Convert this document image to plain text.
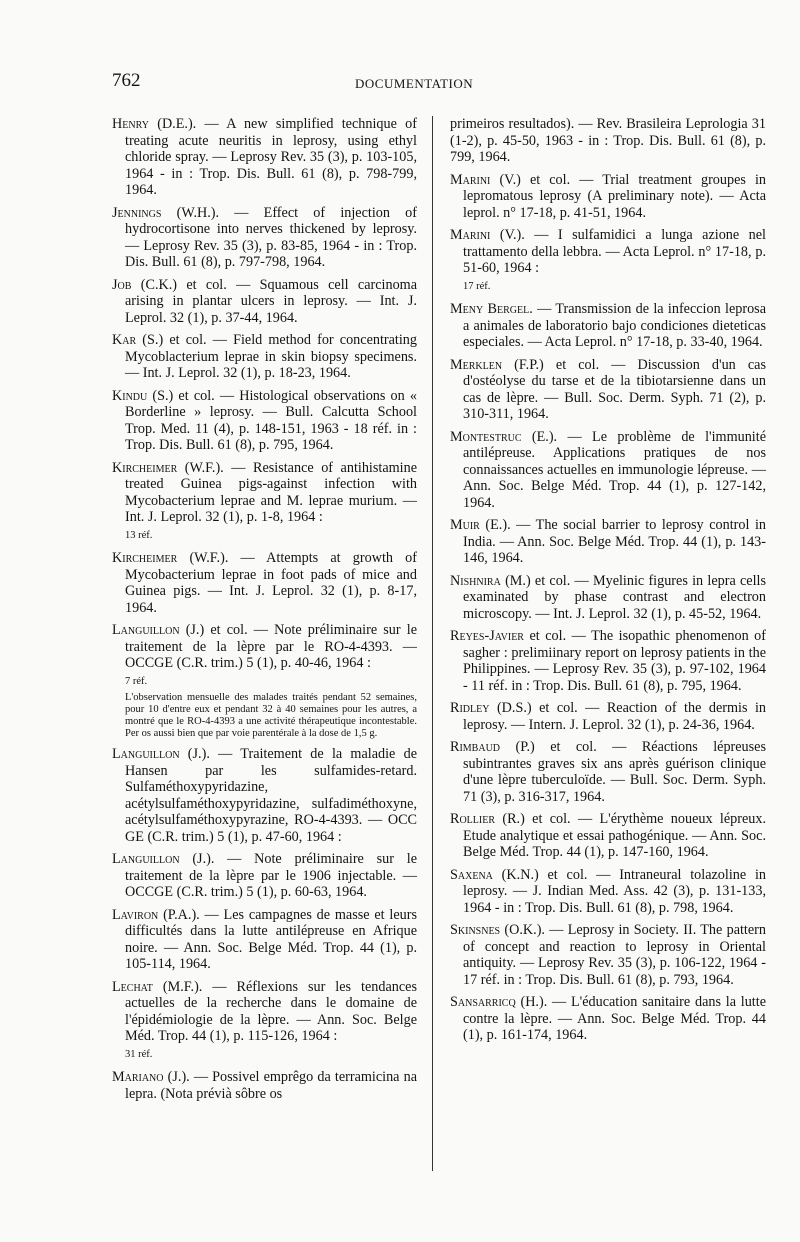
762	DOCUMENTATION
Henry (D.E.). — A new simplified technique of treating acute neuritis in leprosy, using ethyl chloride spray. — Leprosy Rev. 35 (3), p. 103-105, 1964 - in : Trop. Dis. Bull. 61 (8), p. 798-799, 1964.
Jennings (W.H.). — Effect of injection of hydrocortisone into nerves thickened by leprosy. — Leprosy Rev. 35 (3), p. 83-85, 1964 - in : Trop. Dis. Bull. 61 (8), p. 797-798, 1964.
Job (C.K.) et col. — Squamous cell carcinoma arising in plantar ulcers in leprosy. — Int. J. Leprol. 32 (1), p. 37-44, 1964.
Kar (S.) et col. — Field method for concentrating Mycoblacterium leprae in skin biopsy specimens. — Int. J. Leprol. 32 (1), p. 18-23, 1964.
Kindu (S.) et col. — Histological observations on « Borderline » leprosy. — Bull. Calcutta School Trop. Med. 11 (4), p. 148-151, 1963 - 18 réf. in : Trop. Dis. Bull. 61 (8), p. 795, 1964.
Kircheimer (W.F.). — Resistance of antihistamine treated Guinea pigs-against infection with Mycobacterium leprae and M. leprae murium. — Int. J. Leprol. 32 (1), p. 1-8, 1964 :
13 réf.
Kircheimer (W.F.). — Attempts at growth of Mycobacterium leprae in foot pads of mice and Guinea pigs. — Int. J. Leprol. 32 (1), p. 8-17, 1964.
Languillon (J.) et col. — Note préliminaire sur le traitement de la lèpre par le RO-4-4393. — OCCGE (C.R. trim.) 5 (1), p. 40-46, 1964 :
7 réf.
L'observation mensuelle des malades traités pendant 52 semaines, pour 10 d'entre eux et pendant 32 à 40 semaines pour les autres, a montré que le RO-4-4393 a une activité thérapeutique incontestable. Per os aussi bien que par voie parentérale à la dose de 1,5 g.
Languillon (J.). — Traitement de la maladie de Hansen par les sulfamides-retard. Sulfaméthoxypyridazine, acétylsulfaméthoxypyridazine, sulfadiméthoxyne, acétylsulfaméthoxypyrazine, RO-4-4393. — OCC GE (C.R. trim.) 5 (1), p. 47-60, 1964 :
Languillon (J.). — Note préliminaire sur le traitement de la lèpre par le 1906 injectable. — OCCGE (C.R. trim.) 5 (1), p. 60-63, 1964.
Laviron (P.A.). — Les campagnes de masse et leurs difficultés dans la lutte antilépreuse en Afrique noire. — Ann. Soc. Belge Méd. Trop. 44 (1), p. 105-114, 1964.
Lechat (M.F.). — Réflexions sur les tendances actuelles de la recherche dans le domaine de l'épidémiologie de la lèpre. — Ann. Soc. Belge Méd. Trop. 44 (1), p. 115-126, 1964 :
31 réf.
Mariano (J.). — Possivel emprêgo da terramicina na lepra. (Nota prévià sôbre os
primeiros resultados). — Rev. Brasileira Leprologia 31 (1-2), p. 45-50, 1963 - in : Trop. Dis. Bull. 61 (8), p. 799, 1964.
Marini (V.) et col. — Trial treatment groupes in lepromatous leprosy (A preliminary note). — Acta leprol. n° 17-18, p. 41-51, 1964.
Marini (V.). — I sulfamidici a lunga azione nel trattamento della lebbra. — Acta Leprol. n° 17-18, p. 51-60, 1964 :
17 réf.
Meny Bergel. — Transmission de la infeccion leprosa a animales de laboratorio bajo condiciones dieteticas especiales. — Acta Leprol. n° 17-18, p. 33-40, 1964.
Merklen (F.P.) et col. — Discussion d'un cas d'ostéolyse du tarse et de la tibiotarsienne dans un cas de lèpre. — Bull. Soc. Derm. Syph. 71 (2), p. 310-311, 1964.
Montestruc (E.). — Le problème de l'immunité antilépreuse. Applications pratiques de nos connaissances actuelles en immunologie lépreuse. — Ann. Soc. Belge Méd. Trop. 44 (1), p. 127-142, 1964.
Muir (E.). — The social barrier to leprosy control in India. — Ann. Soc. Belge Méd. Trop. 44 (1), p. 143-146, 1964.
Nishnira (M.) et col. — Myelinic figures in lepra cells examinated by phase contrast and electron microscopy. — Int. J. Leprol. 32 (1), p. 45-52, 1964.
Reyes-Javier et col. — The isopathic phenomenon of sagher : prelimiinary report on leprosy patients in the Philippines. — Leprosy Rev. 35 (3), p. 97-102, 1964 - 11 réf. in : Trop. Dis. Bull. 61 (8), p. 795, 1964.
Ridley (D.S.) et col. — Reaction of the dermis in leprosy. — Intern. J. Leprol. 32 (1), p. 24-36, 1964.
Rimbaud (P.) et col. — Réactions lépreuses subintrantes graves six ans après guérison clinique d'une lèpre tuberculoïde. — Bull. Soc. Derm. Syph. 71 (3), p. 316-317, 1964.
Rollier (R.) et col. — L'érythème noueux lépreux. Etude analytique et essai pathogénique. — Ann. Soc. Belge Méd. Trop. 44 (1), p. 147-160, 1964.
Saxena (K.N.) et col. — Intraneural tolazoline in leprosy. — J. Indian Med. Ass. 42 (3), p. 131-133, 1964 - in : Trop. Dis. Bull. 61 (8), p. 798, 1964.
Skinsnes (O.K.). — Leprosy in Society. II. The pattern of concept and reaction to leprosy in Oriental antiquity. — Leprosy Rev. 35 (3), p. 106-122, 1964 - 17 réf. in : Trop. Dis. Bull. 61 (8), p. 793, 1964.
Sansarricq (H.). — L'éducation sanitaire dans la lutte contre la lèpre. — Ann. Soc. Belge Méd. Trop. 44 (1), p. 161-174, 1964.
